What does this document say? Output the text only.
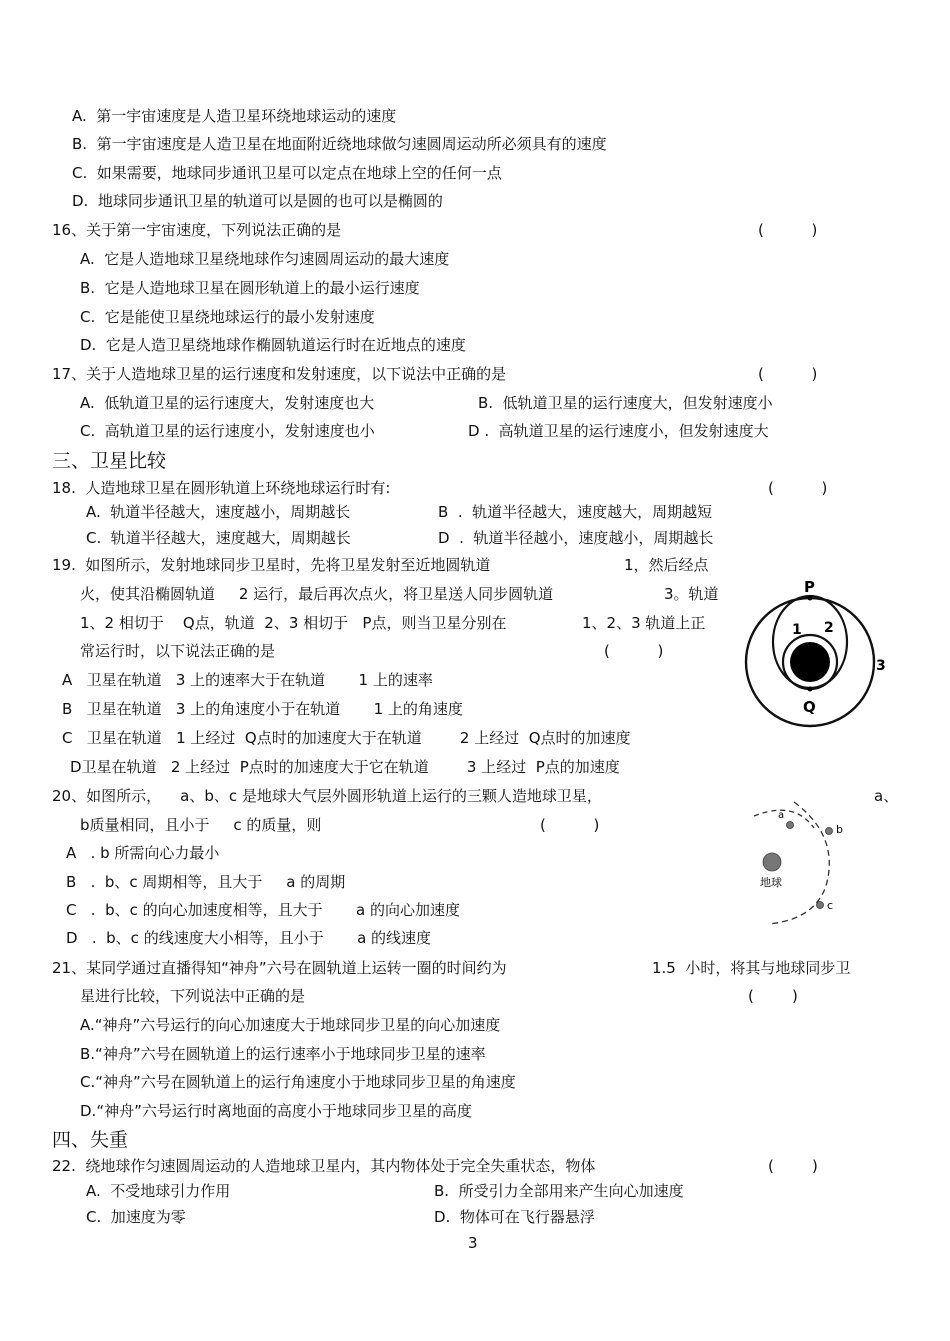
A.  第一宇宙速度是人造卫星环绕地球运动的速度
B.  第一宇宙速度是人造卫星在地面附近绕地球做匀速圆周运动所必须具有的速度
C.  如果需要，地球同步通讯卫星可以定点在地球上空的任何一点
D.  地球同步通讯卫星的轨道可以是圆的也可以是椭圆的
16、关于第一宇宙速度，下列说法正确的是	(          )
A.  它是人造地球卫星绕地球作匀速圆周运动的最大速度
B.  它是人造地球卫星在圆形轨道上的最小运行速度
C.  它是能使卫星绕地球运行的最小发射速度
D.  它是人造卫星绕地球作椭圆轨道运行时在近地点的速度
17、关于人造地球卫星的运行速度和发射速度，以下说法中正确的是	(          )
A.  低轨道卫星的运行速度大，发射速度也大	B.  低轨道卫星的运行速度大，但发射速度小
C.  高轨道卫星的运行速度小，发射速度也小	D .  高轨道卫星的运行速度小，但发射速度大
三、卫星比较
18.  人造地球卫星在圆形轨道上环绕地球运行时有:	(          )
A.  轨道半径越大，速度越小，周期越长	B  .  轨道半径越大，速度越大，周期越短
C.  轨道半径越大，速度越大，周期越长	D  .  轨道半径越小，速度越小，周期越长
19.  如图所示，发射地球同步卫星时，先将卫星发射至近地圆轨道	1，然后经点
火，使其沿椭圆轨道     2 运行，最后再次点火，将卫星送人同步圆轨道	3。轨道
1、2 相切于    Q点，轨道  2、3 相切于   P点，则当卫星分别在	1、2、3 轨道上正
常运行时，以下说法正确的是	(          )
A   卫星在轨道   3 上的速率大于在轨道       1 上的速率
B   卫星在轨道   3 上的角速度小于在轨道       1 上的角速度
C   卫星在轨道   1 上经过  Q点时的加速度大于在轨道        2 上经过  Q点时的加速度
D卫星在轨道   2 上经过  P点时的加速度大于它在轨道        3 上经过  P点的加速度
P
Q
1 2
3
20、如图所示，    a、b、c 是地球大气层外圆形轨道上运行的三颗人造地球卫星，	a、
b质量相同，且小于     c 的质量，则	(          )
A   . b 所需向心力最小
B   .  b、c 周期相等，且大于     a 的周期
C   .  b、c 的向心加速度相等，且大于       a 的向心加速度
D   .  b、c 的线速度大小相等，且小于       a 的线速度
a
b
c
地球
21、某同学通过直播得知“神舟”六号在圆轨道上运转一圈的时间约为	1.5  小时，将其与地球同步卫
星进行比较，下列说法中正确的是	(        )
A.“神舟”六号运行的向心加速度大于地球同步卫星的向心加速度
B.“神舟”六号在圆轨道上的运行速率小于地球同步卫星的速率
C.“神舟”六号在圆轨道上的运行角速度小于地球同步卫星的角速度
D.“神舟”六号运行时离地面的高度小于地球同步卫星的高度
四、失重
22.  绕地球作匀速圆周运动的人造地球卫星内，其内物体处于完全失重状态，物体	(        )
A.  不受地球引力作用	B.  所受引力全部用来产生向心加速度
C.  加速度为零	D.  物体可在飞行器悬浮
3
